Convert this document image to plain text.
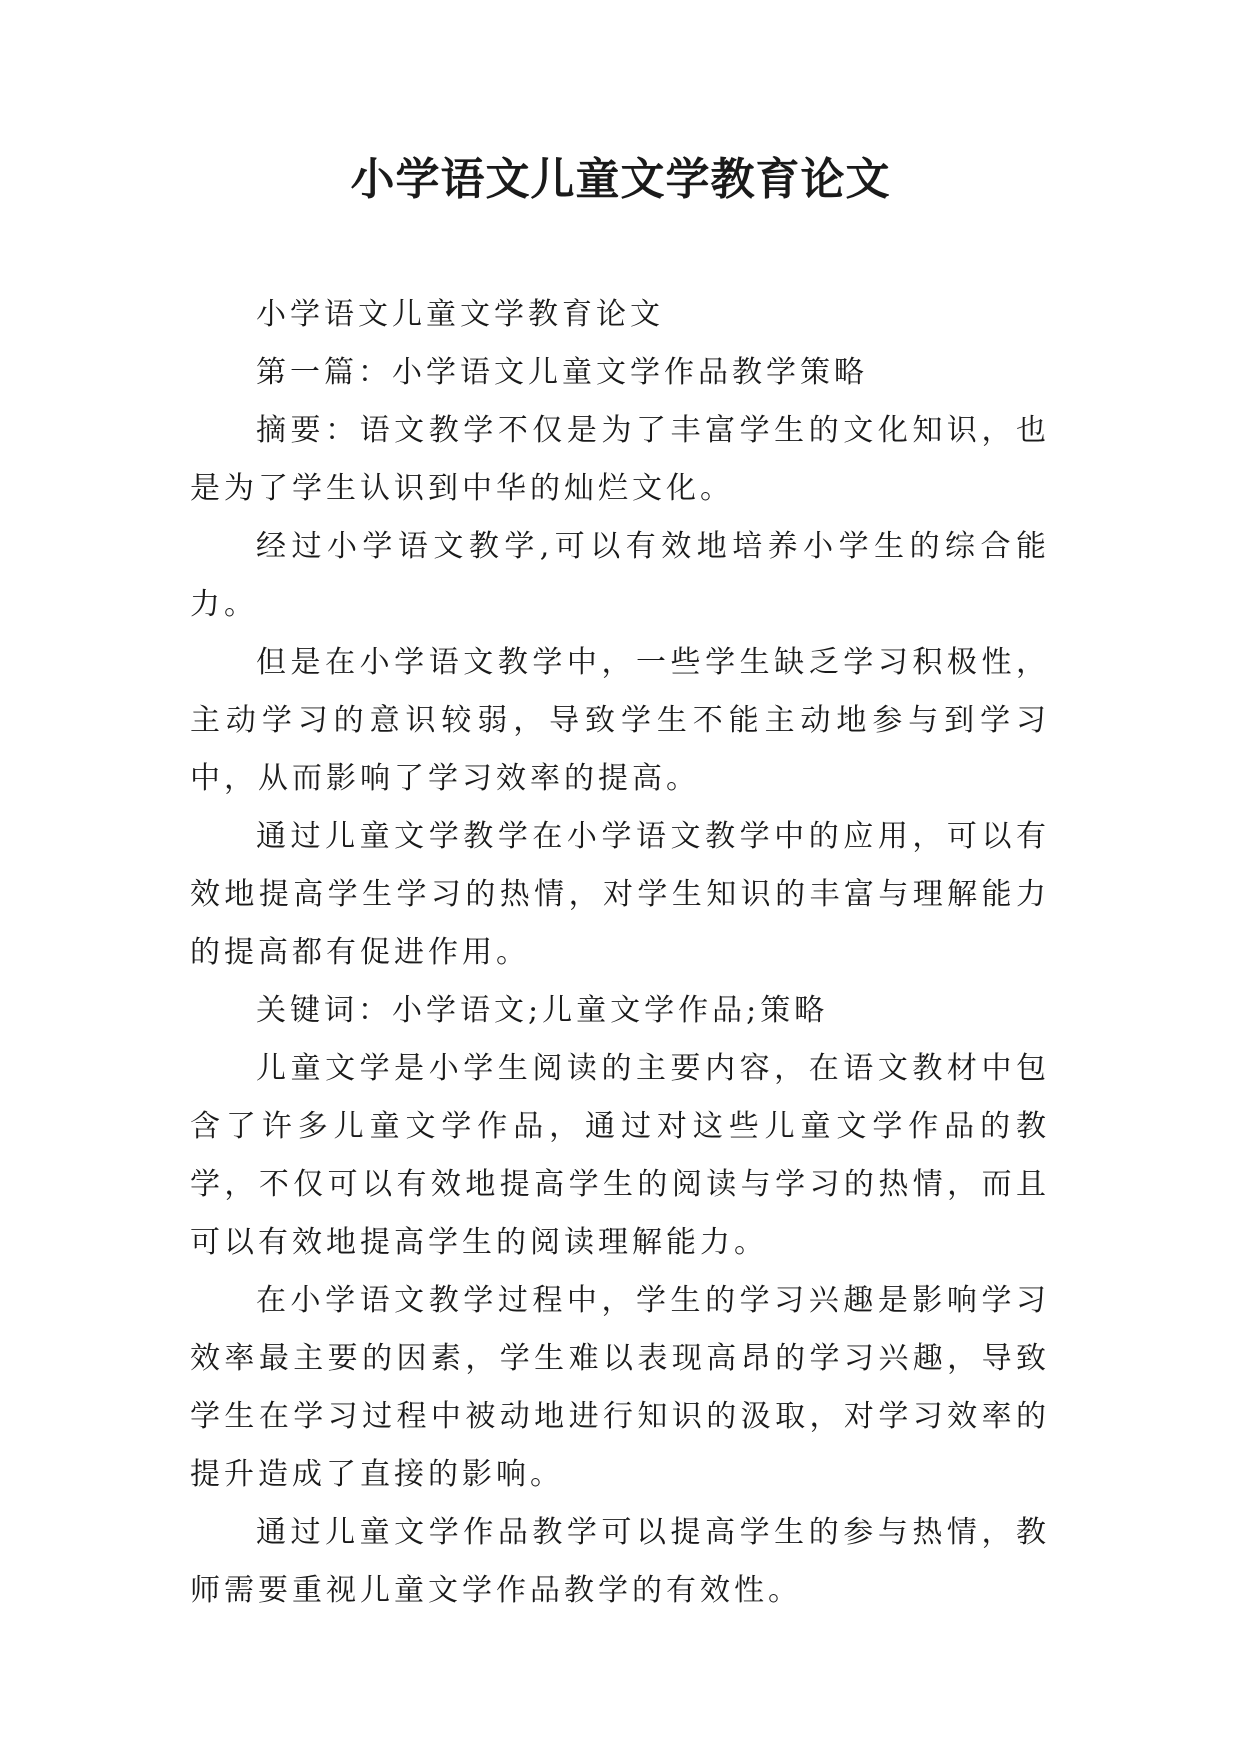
小学语文儿童文学教育论文

小学语文儿童文学教育论文

第一篇：小学语文儿童文学作品教学策略

摘要：语文教学不仅是为了丰富学生的文化知识，也是为了学生认识到中华的灿烂文化。

经过小学语文教学,可以有效地培养小学生的综合能力。

但是在小学语文教学中，一些学生缺乏学习积极性，主动学习的意识较弱，导致学生不能主动地参与到学习中，从而影响了学习效率的提高。

通过儿童文学教学在小学语文教学中的应用，可以有效地提高学生学习的热情，对学生知识的丰富与理解能力的提高都有促进作用。

关键词：小学语文;儿童文学作品;策略

儿童文学是小学生阅读的主要内容，在语文教材中包含了许多儿童文学作品，通过对这些儿童文学作品的教学，不仅可以有效地提高学生的阅读与学习的热情，而且可以有效地提高学生的阅读理解能力。

在小学语文教学过程中，学生的学习兴趣是影响学习效率最主要的因素，学生难以表现高昂的学习兴趣，导致学生在学习过程中被动地进行知识的汲取，对学习效率的提升造成了直接的影响。

通过儿童文学作品教学可以提高学生的参与热情，教师需要重视儿童文学作品教学的有效性。
